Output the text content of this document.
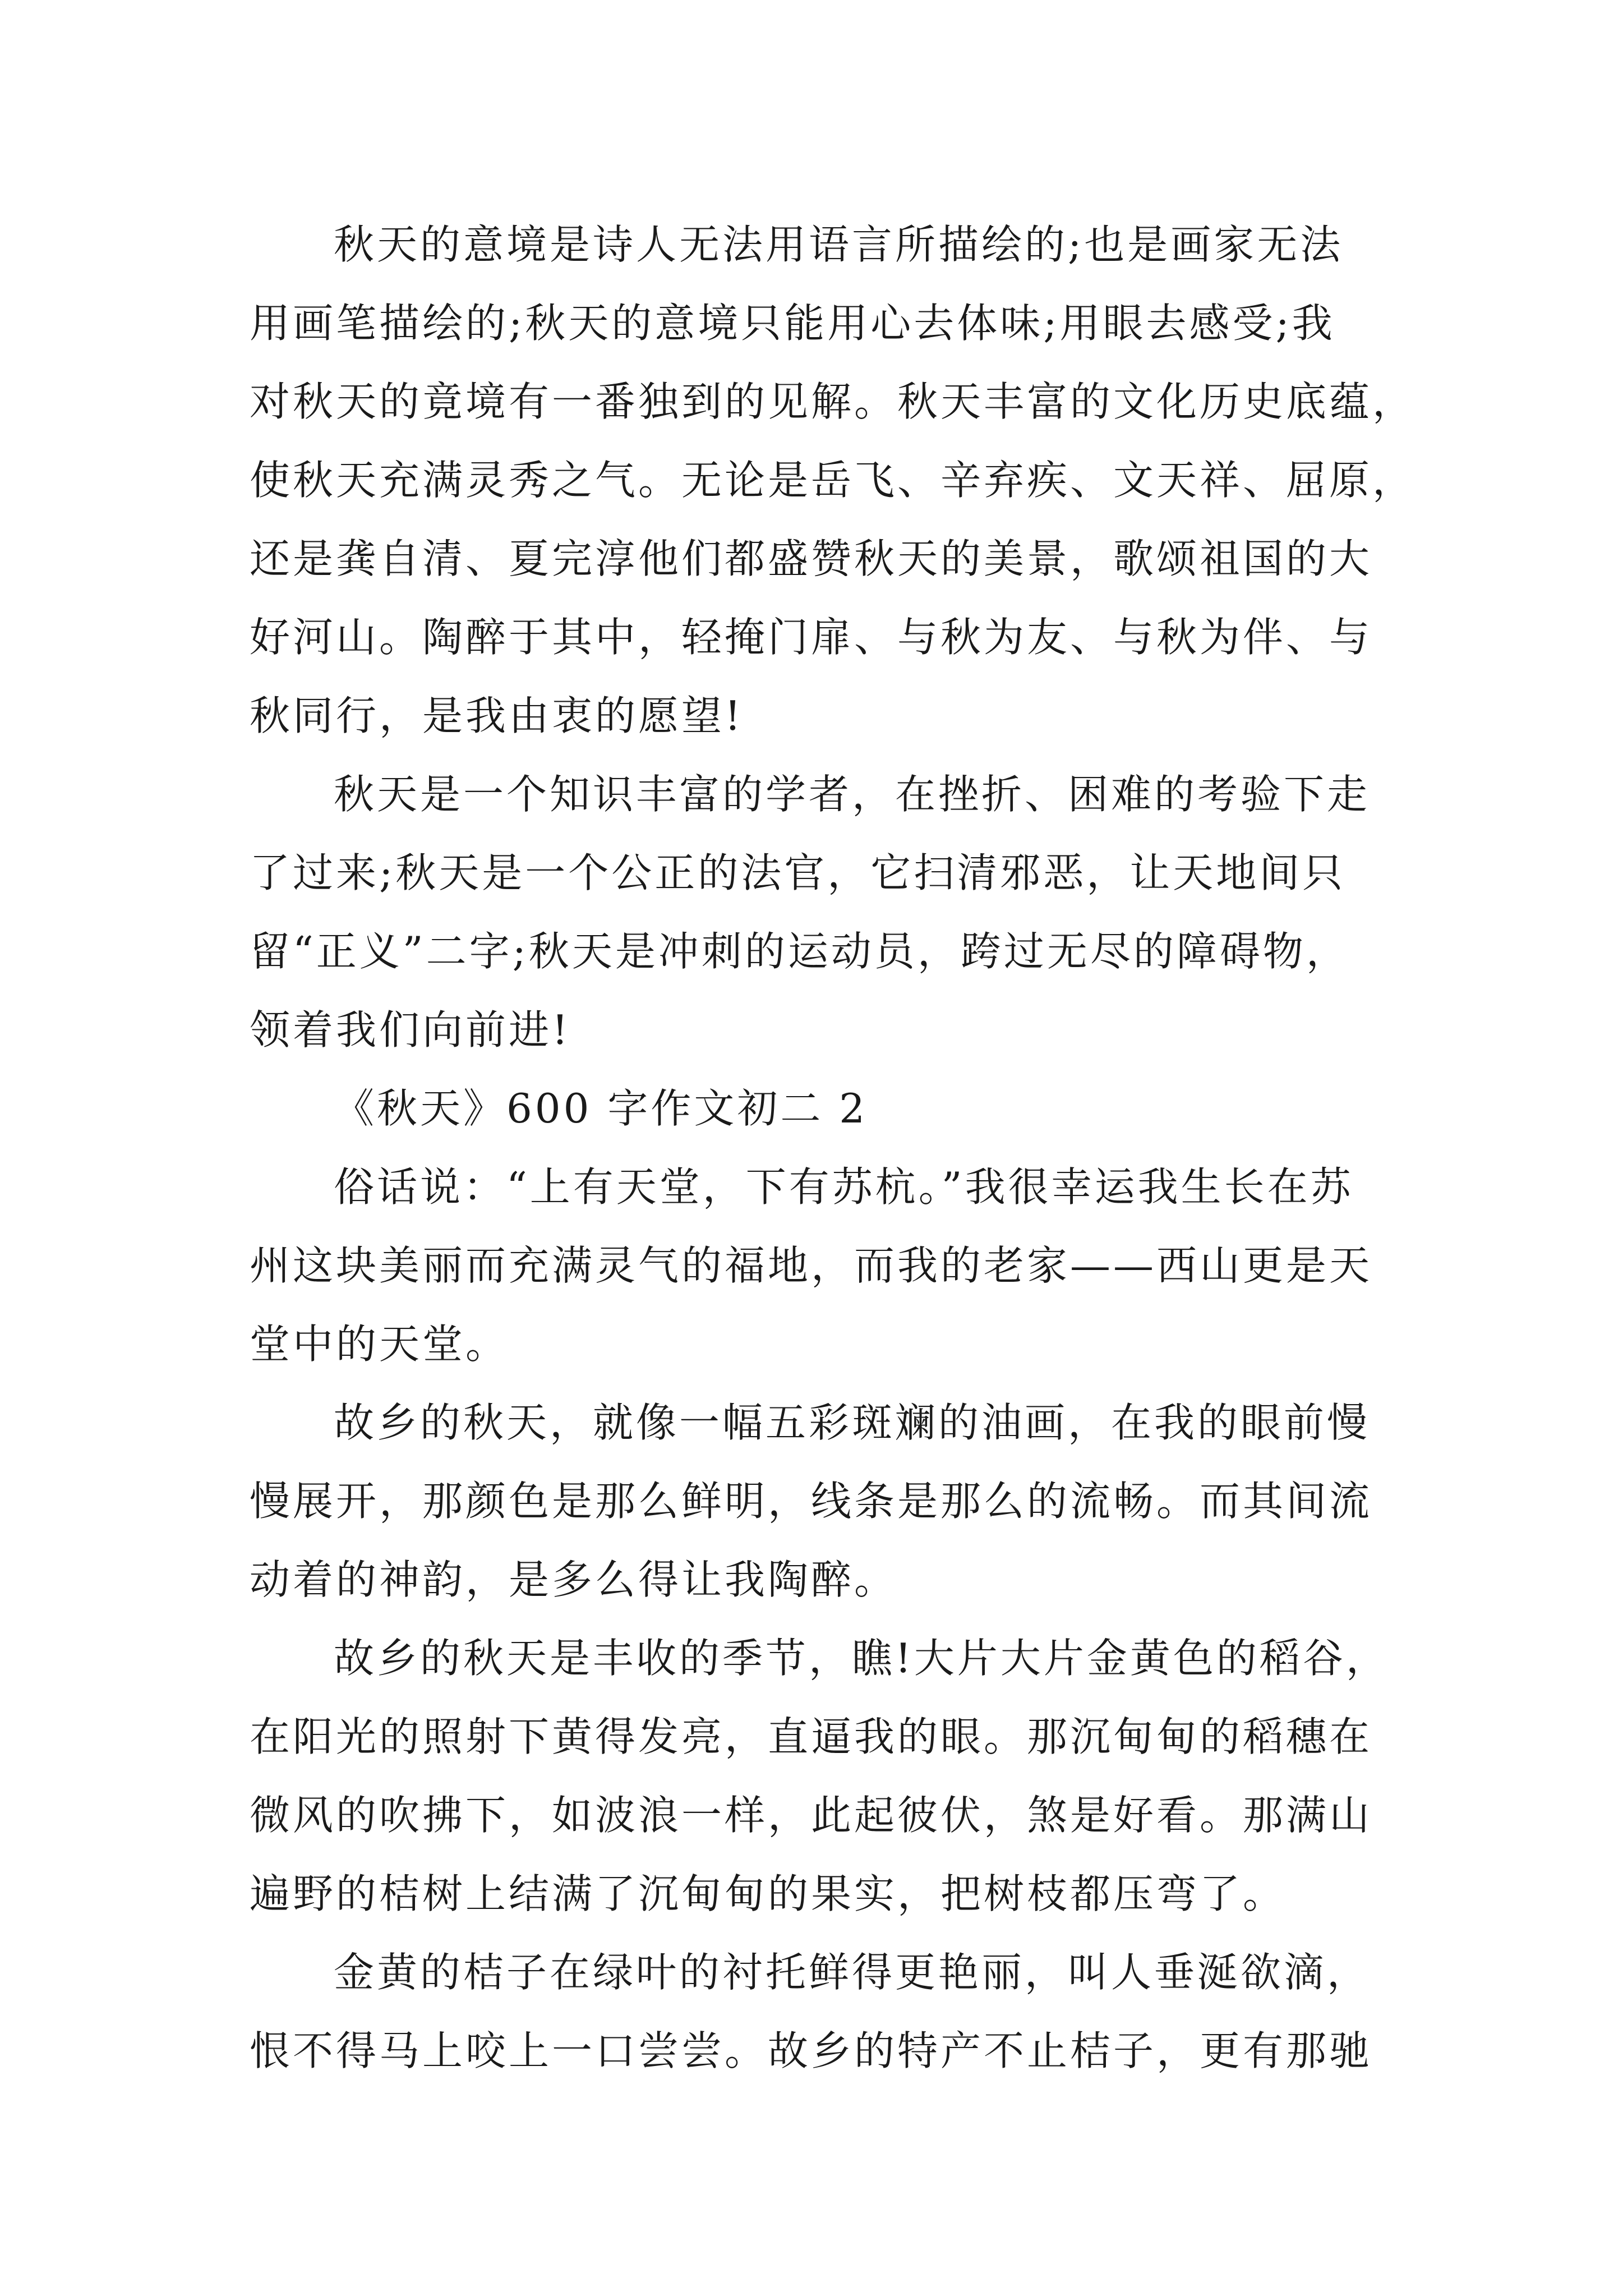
秋天的意境是诗人无法用语言所描绘的;也是画家无法
用画笔描绘的;秋天的意境只能用心去体味;用眼去感受;我
对秋天的竟境有一番独到的见解。秋天丰富的文化历史底蕴，
使秋天充满灵秀之气。无论是岳飞、辛弃疾、文天祥、屈原，
还是龚自清、夏完淳他们都盛赞秋天的美景，歌颂祖国的大
好河山。陶醉于其中，轻掩门扉、与秋为友、与秋为伴、与
秋同行，是我由衷的愿望!
秋天是一个知识丰富的学者，在挫折、困难的考验下走
了过来;秋天是一个公正的法官，它扫清邪恶，让天地间只
留“正义”二字;秋天是冲刺的运动员，跨过无尽的障碍物，
领着我们向前进!
《秋天》600 字作文初二 2
俗话说：“上有天堂，下有苏杭。”我很幸运我生长在苏
州这块美丽而充满灵气的福地，而我的老家——西山更是天
堂中的天堂。
故乡的秋天，就像一幅五彩斑斓的油画，在我的眼前慢
慢展开，那颜色是那么鲜明，线条是那么的流畅。而其间流
动着的神韵，是多么得让我陶醉。
故乡的秋天是丰收的季节，瞧!大片大片金黄色的稻谷，
在阳光的照射下黄得发亮，直逼我的眼。那沉甸甸的稻穗在
微风的吹拂下，如波浪一样，此起彼伏，煞是好看。那满山
遍野的桔树上结满了沉甸甸的果实，把树枝都压弯了。
金黄的桔子在绿叶的衬托鲜得更艳丽，叫人垂涎欲滴，
恨不得马上咬上一口尝尝。故乡的特产不止桔子，更有那驰
